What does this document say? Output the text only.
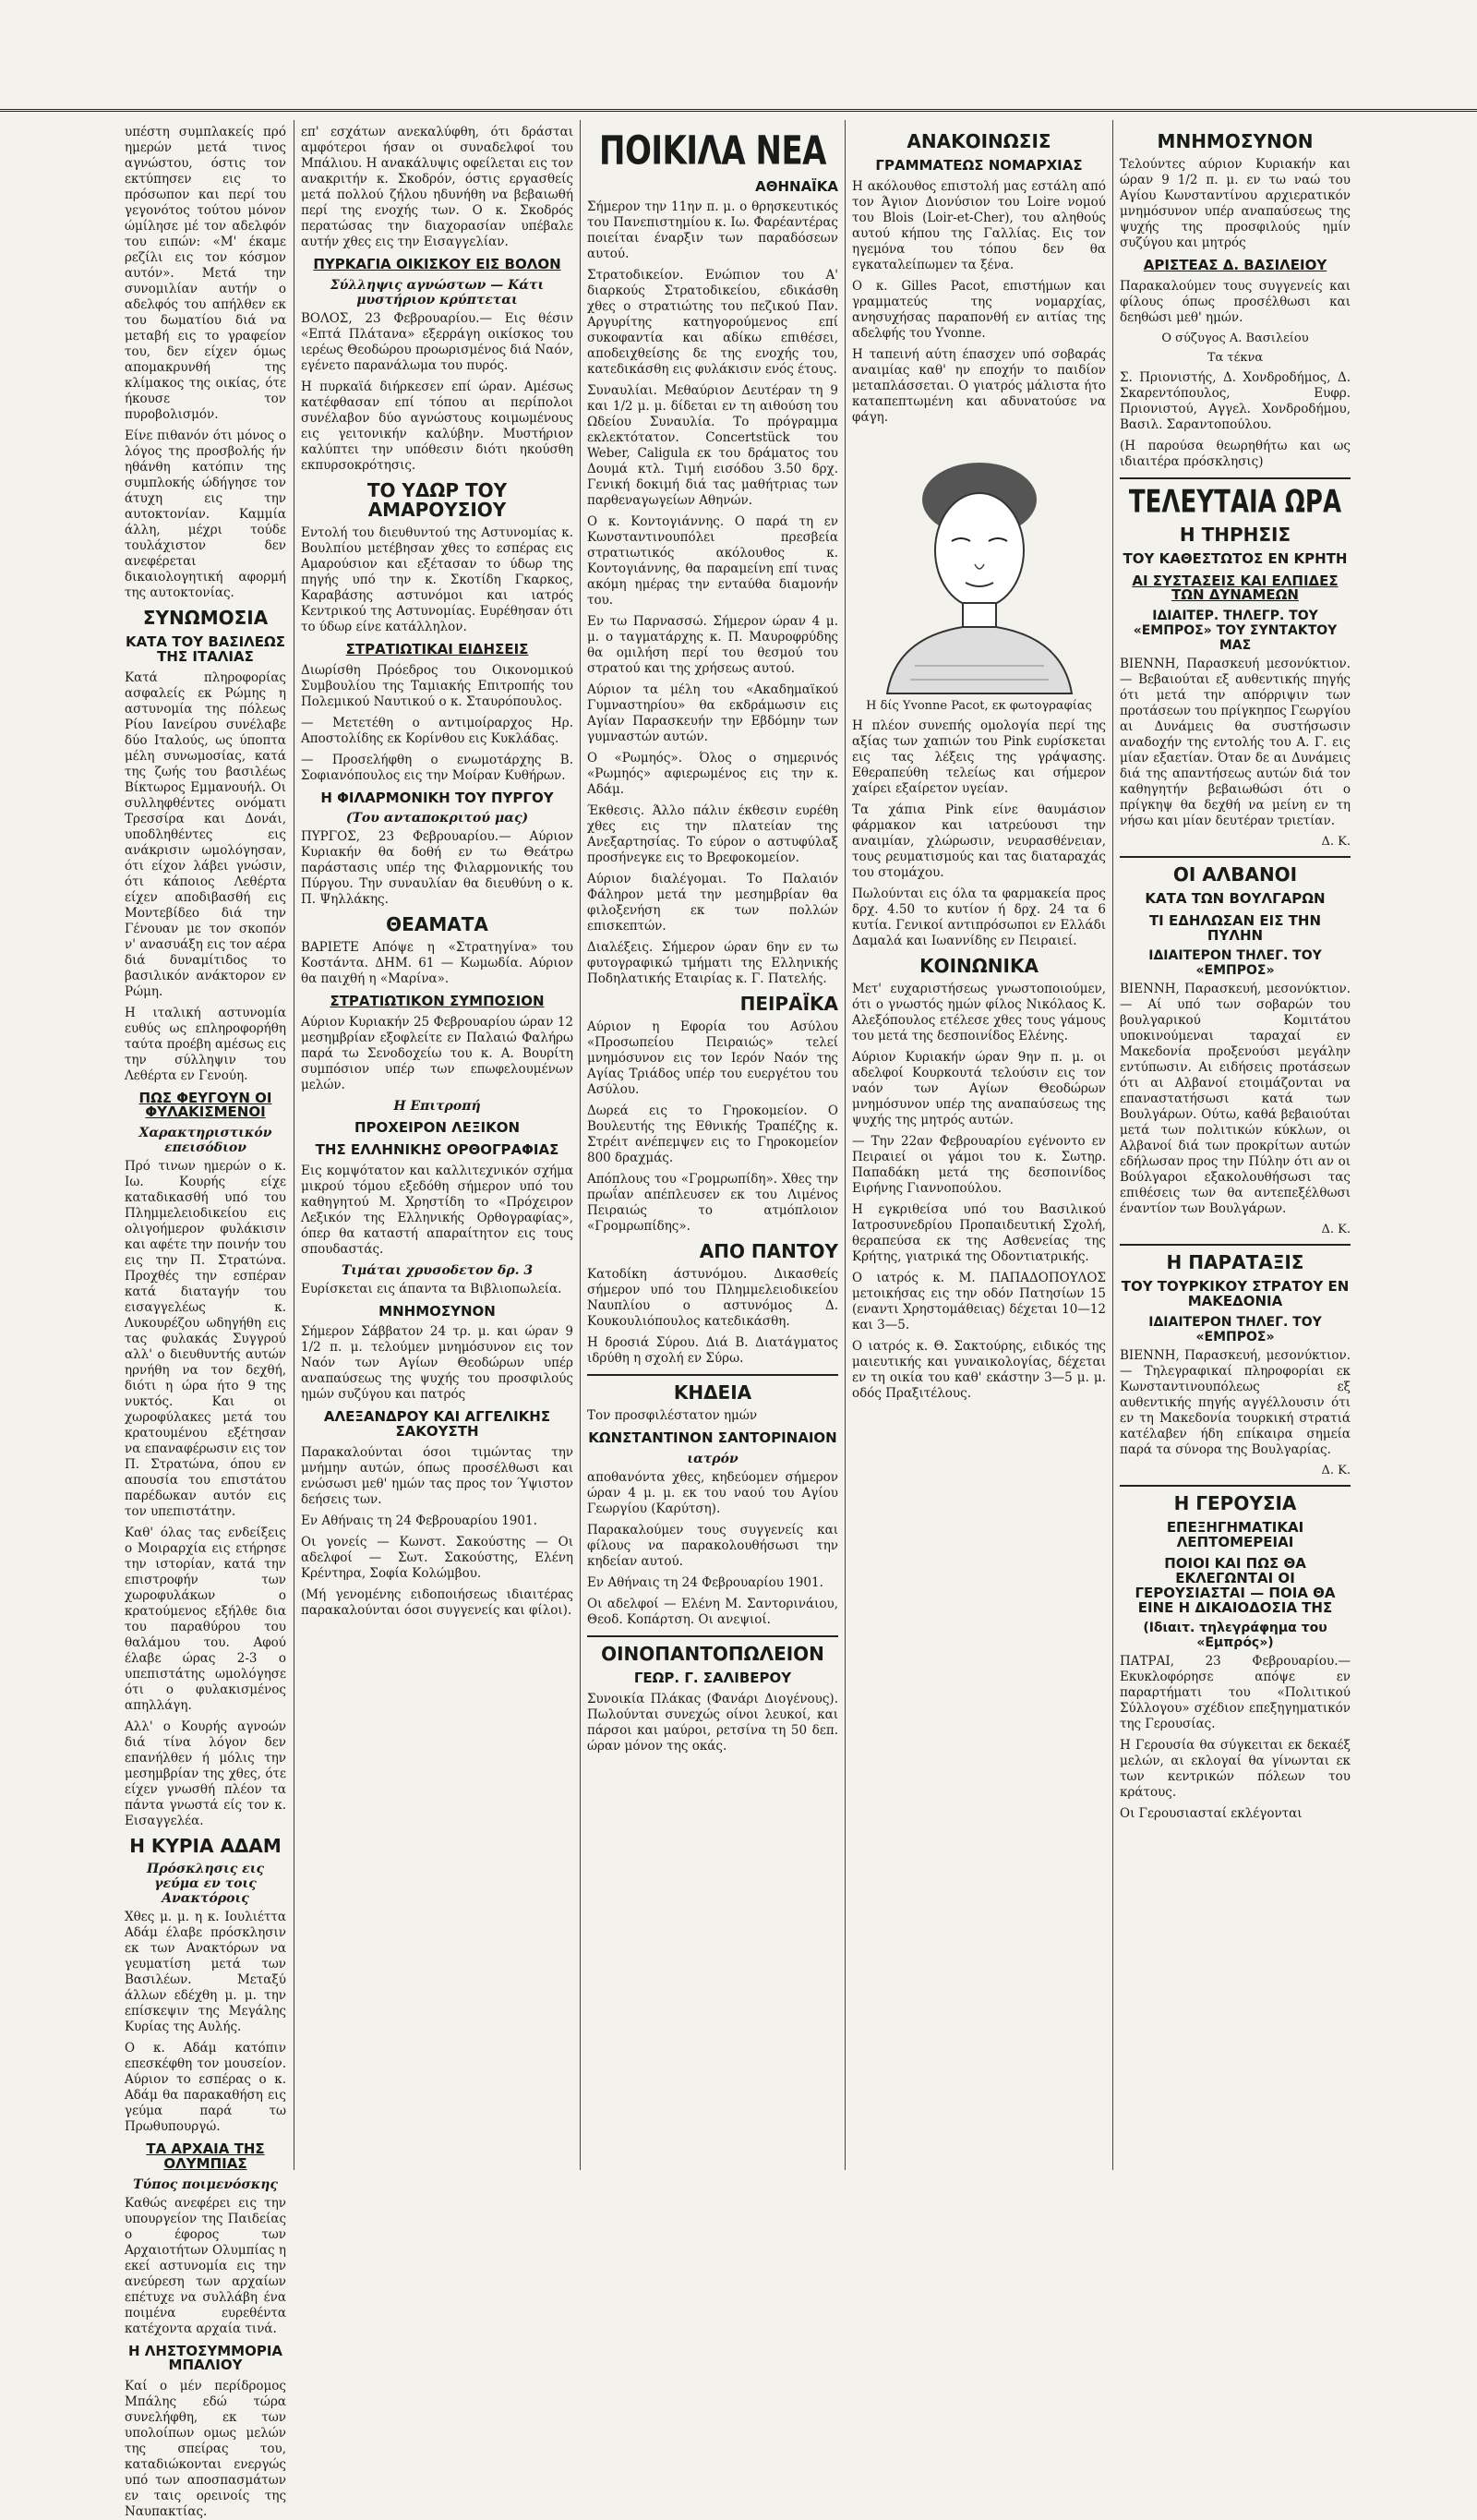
υπέστη συμπλακείς πρό ημερών μετά τινος αγνώστου, όστις τον εκτύπησεν εις το πρόσωπον και περί του γεγονότος τούτου μόνον ώμίλησε μέ τον αδελφόν του ειπών: «Μ' έκαμε ρεζίλι εις τον κόσμον αυτόν». Μετά την συνομιλίαν αυτήν ο αδελφός του απήλθεν εκ του δωματίου διά να μεταβή εις το γραφείον του, δεν είχεν όμως απομακρυνθή της κλίμακος της οικίας, ότε ήκουσε τον πυροβολισμόν.

Είνε πιθανόν ότι μόνος ο λόγος της προσβολής ήν ηθάνθη κατόπιν της συμπλοκής ώδήγησε τον άτυχη εις την αυτοκτονίαν. Καμμία άλλη, μέχρι τούδε τουλάχιστον δεν ανεφέρεται δικαιολογητική αφορμή της αυτοκτονίας.

ΣΥΝΩΜΟΣΙΑ
ΚΑΤΑ ΤΟΥ ΒΑΣΙΛΕΩΣ ΤΗΣ ΙΤΑΛΙΑΣ

Κατά πληροφορίας ασφαλείς εκ Ρώμης η αστυνομία της πόλεως Ρίου Ιανείρου συνέλαβε δύο Ιταλούς, ως ύποπτα μέλη συνωμοσίας, κατά της ζωής του βασιλέως Βίκτωρος Εμμανουήλ. Οι συλληφθέντες ονόματι Τρεσσίρα και Δονάι, υποδληθέντες εις ανάκρισιν ωμολόγησαν, ότι είχον λάβει γνώσιν, ότι κάποιος Λεθέρτα είχεν αποδιβασθή εις Μοντεβίδεο διά την Γένουαν με τον σκοπόν ν' ανασυάξη εις τον αέρα διά δυναμίτιδος το βασιλικόν ανάκτορον εν Ρώμη.

Η ιταλική αστυνομία ευθύς ως επληροφορήθη ταύτα προέβη αμέσως εις την σύλληψιν του Λεθέρτα εν Γενούη.

ΠΩΣ ΦΕΥΓΟΥΝ ΟΙ ΦΥΛΑΚΙΣΜΕΝΟΙ
Χαρακτηριστικόν επεισόδιον

Πρό τινων ημερών ο κ. Ιω. Κουρής είχε καταδικασθή υπό του Πλημμελειοδικείου εις ολιγοήμερον φυλάκισιν και αφέτε την ποινήν του εις την Π. Στρατώνα. Προχθές την εσπέραν κατά διαταγήν του εισαγγελέως κ. Λυκουρέζου ωδηγήθη εις τας φυλακάς Συγγρού αλλ' ο διευθυντής αυτών ηρνήθη να τον δεχθή, διότι η ώρα ήτο 9 της νυκτός. Και οι χωροφύλακες μετά του κρατουμένου εξέτησαν να επαναφέρωσιν εις τον Π. Στρατώνα, όπου εν απουσία του επιστάτου παρέδωκαν αυτόν εις τον υπεπιστάτην.

Καθ' όλας τας ενδείξεις ο Μοιραρχία εις ετήρησε την ιστορίαν, κατά την επιστροφήν των χωροφυλάκων ο κρατούμενος εξήλθε δια του παραθύρου του θαλάμου του. Αφού έλαβε ώρας 2-3 ο υπεπιστάτης ωμολόγησε ότι ο φυλακισμένος απηλλάγη.

Αλλ' ο Κουρής αγνοών διά τίνα λόγον δεν επανήλθεν ή μόλις την μεσημβρίαν της χθες, ότε είχεν γνωσθή πλέον τα πάντα γνωστά είς τον κ. Εισαγγελέα.

Η ΚΥΡΙΑ ΑΔΑΜ
Πρόσκλησις εις γεύμα εν τοις Ανακτόροις

Χθες μ. μ. η κ. Ιουλιέττα Αδάμ έλαβε πρόσκλησιν εκ των Ανακτόρων να γευματίση μετά των Βασιλέων. Μεταξύ άλλων εδέχθη μ. μ. την επίσκεψιν της Μεγάλης Κυρίας της Αυλής.

Ο κ. Αδάμ κατόπιν επεσκέφθη τον μουσείον. Αύριον το εσπέρας ο κ. Αδάμ θα παρακαθήση εις γεύμα παρά τω Πρωθυπουργώ.

ΤΑ ΑΡΧΑΙΑ ΤΗΣ ΟΛΥΜΠΙΑΣ
Τύπος ποιμενόσκης

Καθώς ανεφέρει εις την υπουργείον της Παιδείας ο έφορος των Αρχαιοτήτων Ολυμπίας η εκεί αστυνομία εις την ανεύρεση των αρχαίων επέτυχε να συλλάβη ένα ποιμένα ευρεθέντα κατέχοντα αρχαία τινά.

Η ΛΗΣΤΟΣΥΜΜΟΡΙΑ ΜΠΑΛΙΟΥ

Καί ο μέν περίδρομος Μπάλης εδώ τώρα συνελήφθη, εκ των υπολοίπων ομως μελών της σπείρας του, καταδιώκονται ενεργώς υπό των αποσπασμάτων εν ταις ορεινοίς της Ναυπακτίας.

επ' εσχάτων ανεκαλύφθη, ότι δράσται αμφότεροι ήσαν οι συναδελφοί του Μπάλιου. Η ανακάλυψις οφείλεται εις τον ανακριτήν κ. Σκοδρόν, όστις εργασθείς μετά πολλού ζήλου ηδυνήθη να βεβαιωθή περί της ενοχής των. Ο κ. Σκοδρός περατώσας την διαχορασίαν υπέβαλε αυτήν χθες εις την Εισαγγελίαν.

ΠΥΡΚΑΓΙΑ ΟΙΚΙΣΚΟΥ ΕΙΣ ΒΟΛΟΝ
Σύλληψις αγνώστων — Κάτι μυστήριον κρύπτεται

ΒΟΛΟΣ, 23 Φεβρουαρίου.— Εις θέσιν «Επτά Πλάτανα» εξερράγη οικίσκος του ιερέως Θεοδώρου προωρισμένος διά Ναόν, εγένετο παρανάλωμα του πυρός.

Η πυρκαϊά διήρκεσεν επί ώραν. Αμέσως κατέφθασαν επί τόπου αι περίπολοι συνέλαβον δύο αγνώστους κοιμωμένους εις γειτονικήν καλύβην. Μυστήριον καλύπτει την υπόθεσιν διότι ηκούσθη εκπυρσοκρότησις.

ΤΟ ΥΔΩΡ ΤΟΥ ΑΜΑΡΟΥΣΙΟΥ

Εντολή του διευθυντού της Αστυνομίας κ. Βουλπίου μετέβησαν χθες το εσπέρας εις Αμαρούσιον και εξέτασαν το ύδωρ της πηγής υπό την κ. Σκοτίδη Γκαρκος, Καραβάσης αστυνόμοι και ιατρός Κεντρικού της Αστυνομίας. Ευρέθησαν ότι το ύδωρ είνε κατάλληλον.

ΣΤΡΑΤΙΩΤΙΚΑΙ ΕΙΔΗΣΕΙΣ

Διωρίσθη Πρόεδρος του Οικονομικού Συμβουλίου της Ταμιακής Επιτροπής του Πολεμικού Ναυτικού ο κ. Σταυρόπουλος.

— Μετετέθη ο αντιμοίραρχος Ηρ. Αποστολίδης εκ Κορίνθου εις Κυκλάδας.

— Προσελήφθη ο ενωμοτάρχης Β. Σοφιανόπουλος εις την Μοίραν Κυθήρων.

Η ΦΙΛΑΡΜΟΝΙΚΗ ΤΟΥ ΠΥΡΓΟΥ
(Του ανταποκριτού μας)

ΠΥΡΓΟΣ, 23 Φεβρουαρίου.— Αύριον Κυριακήν θα δοθή εν τω Θεάτρω παράστασις υπέρ της Φιλαρμονικής του Πύργου. Την συναυλίαν θα διευθύνη ο κ. Π. Ψηλλάκης.

ΘΕΑΜΑΤΑ

ΒΑΡΙΕΤΕ Απόψε η «Στρατηγίνα» του Κοστάντα. ΔΗΜ. 61 — Κωμωδία. Αύριον θα παιχθή η «Μαρίνα».

ΣΤΡΑΤΙΩΤΙΚΟΝ ΣΥΜΠΟΣΙΟΝ

Αύριον Κυριακήν 25 Φεβρουαρίου ώραν 12 μεσημβρίαν εξοφλείτε εν Παλαιώ Φαλήρω παρά τω Σενοδοχείω του κ. Α. Βουρίτη συμπόσιον υπέρ των επωφελουμένων μελών.

Η Επιτροπή
ΠΡΟΧΕΙΡΟΝ ΛΕΞΙΚΟΝ
ΤΗΣ ΕΛΛΗΝΙΚΗΣ ΟΡΘΟΓΡΑΦΙΑΣ

Εις κομψότατον και καλλιτεχνικόν σχήμα μικρού τόμου εξεδόθη σήμερον υπό του καθηγητού Μ. Χρηστίδη το «Πρόχειρον Λεξικόν της Ελληνικής Ορθογραφίας», όπερ θα καταστή απαραίτητον εις τους σπουδαστάς.

Τιμάται χρυσοδετον δρ. 3

Ευρίσκεται εις άπαντα τα Βιβλιοπωλεία.

ΜΝΗΜΟΣΥΝΟΝ

Σήμερον Σάββατον 24 τρ. μ. και ώραν 9 1/2 π. μ. τελούμεν μνημόσυνον εις τον Ναόν των Αγίων Θεοδώρων υπέρ αναπαύσεως της ψυχής του προσφιλούς ημών συζύγου και πατρός

ΑΛΕΞΑΝΔΡΟΥ ΚΑΙ ΑΓΓΕΛΙΚΗΣ ΣΑΚΟΥΣΤΗ

Παρακαλούνται όσοι τιμώντας την μνήμην αυτών, όπως προσέλθωσι και ενώσωσι μεθ' ημών τας προς τον Ύψιστον δεήσεις των.

Εν Αθήναις τη 24 Φεβρουαρίου 1901.

Οι γονείς — Κωνστ. Σακούστης — Οι αδελφοί — Σωτ. Σακούστης, Ελένη Κρέντηρα, Σοφία Κολώμβου.

(Μή γενομένης ειδοποιήσεως ιδιαιτέρας παρακαλούνται όσοι συγγενείς και φίλοι).

ΠΟΙΚΙΛΑ ΝΕΑ
ΑΘΗΝΑΪΚΑ

Σήμερον την 11ην π. μ. ο θρησκευτικός του Πανεπιστημίου κ. Ιω. Φαρέαντέρας ποιείται έναρξιν των παραδόσεων αυτού.

Στρατοδικείον. Ενώπιον του Α' διαρκούς Στρατοδικείου, εδικάσθη χθες ο στρατιώτης του πεζικού Παν. Αργυρίτης κατηγορούμενος επί συκοφαντία και αδίκω επιθέσει, αποδειχθείσης δε της ενοχής του, κατεδικάσθη εις φυλάκισιν ενός έτους.

Συναυλίαι. Μεθαύριον Δευτέραν τη 9 και 1/2 μ. μ. δίδεται εν τη αιθούση του Ωδείου Συναυλία. Το πρόγραμμα εκλεκτότατον. Concertstück του Weber, Caligula εκ του δράματος του Δουμά κτλ. Τιμή εισόδου 3.50 δρχ. Γενική δοκιμή διά τας μαθήτριας των παρθεναγωγείων Αθηνών.

Ο κ. Κοντογιάννης. Ο παρά τη εν Κωνσταντινουπόλει πρεσβεία στρατιωτικός ακόλουθος κ. Κοντογιάννης, θα παραμείνη επί τινας ακόμη ημέρας την ενταύθα διαμονήν του.

Εν τω Παρνασσώ. Σήμερον ώραν 4 μ. μ. ο ταγματάρχης κ. Π. Μαυροφρύδης θα ομιλήση περί του θεσμού του στρατού και της χρήσεως αυτού.

Αύριον τα μέλη του «Ακαδημαϊκού Γυμναστηρίου» θα εκδράμωσιν εις Αγίαν Παρασκευήν την Εβδόμην των γυμναστών αυτών.

Ο «Ρωμηός». Όλος ο σημερινός «Ρωμηός» αφιερωμένος εις την κ. Αδάμ.

Έκθεσις. Άλλο πάλιν έκθεσιν ευρέθη χθες εις την πλατείαν της Ανεξαρτησίας. Το εύρον ο αστυφύλαξ προσήνεγκε εις το Βρεφοκομείον.

Αύριον διαλέγομαι. Το Παλαιόν Φάληρον μετά την μεσημβρίαν θα φιλοξενήση εκ των πολλών επισκεπτών.

Διαλέξεις. Σήμερον ώραν 6ην εν τω φυτογραφικώ τμήματι της Ελληνικής Ποδηλατικής Εταιρίας κ. Γ. Πατελής.

ΠΕΙΡΑΪΚΑ

Αύριον η Εφορία του Ασύλου «Προσωπείου Πειραιώς» τελεί μνημόσυνον εις τον Ιερόν Ναόν της Αγίας Τριάδος υπέρ του ευεργέτου του Ασύλου.

Δωρεά εις το Γηροκομείον. Ο Βουλευτής της Εθνικής Τραπέζης κ. Στρέιτ ανέπεμψεν εις το Γηροκομείον 800 δραχμάς.

Απόπλους του «Γρομρωπίδη». Χθες την πρωΐαν απέπλευσεν εκ του Λιμένος Πειραιώς το ατμόπλοιον «Γρομρωπίδης».

ΑΠΟ ΠΑΝΤΟΥ

Κατοδίκη άστυνόμου. Δικασθείς σήμερον υπό του Πλημμελειοδικείου Ναυπλίου ο αστυνόμος Δ. Κουκουλιόπουλος κατεδικάσθη.

Η δροσιά Σύρου. Διά Β. Διατάγματος ιδρύθη η σχολή εν Σύρω.

ΚΗΔΕΙΑ

Τον προσφιλέστατον ημών

ΚΩΝΣΤΑΝΤΙΝΟΝ ΣΑΝΤΟΡΙΝΑΙΟΝ
ιατρόν

αποθανόντα χθες, κηδεύομεν σήμερον ώραν 4 μ. μ. εκ του ναού του Αγίου Γεωργίου (Καρύτση).

Παρακαλούμεν τους συγγενείς και φίλους να παρακολουθήσωσι την κηδείαν αυτού.

Εν Αθήναις τη 24 Φεβρουαρίου 1901.

Οι αδελφοί — Ελένη Μ. Σαντορινάιου, Θεοδ. Κοπάρτση. Οι ανεψιοί.

ΟΙΝΟΠΑΝΤΟΠΩΛΕΙΟΝ
ΓΕΩΡ. Γ. ΣΑΛΙΒΕΡΟΥ

Συνοικία Πλάκας (Φανάρι Διογένους). Πωλούνται συνεχώς οίνοι λευκοί, και πάρσοι και μαύροι, ρετσίνα τη 50 δεπ. ώραν μόνον της οκάς.

ΑΝΑΚΟΙΝΩΣΙΣ
ΓΡΑΜΜΑΤΕΩΣ ΝΟΜΑΡΧΙΑΣ

Η ακόλουθος επιστολή μας εστάλη από τον Άγιον Διονύσιον του Loire νομού του Blois (Loir-et-Cher), του αληθούς αυτού κήπου της Γαλλίας. Εις τον ηγεμόνα του τόπου δεν θα εγκαταλείπωμεν τα ξένα.

Ο κ. Gilles Pacot, επιστήμων και γραμματεύς της νομαρχίας, ανησυχήσας παραπονθή εν αιτίας της αδελφής του Yvonne.

Η ταπεινή αύτη έπασχεν υπό σοβαράς αναιμίας καθ' ην εποχήν το παιδίον μεταπλάσσεται. Ο γιατρός μάλιστα ήτο καταπεπτωμένη και αδυνατούσε να φάγη.

Η δίς Yvonne Pacot, εκ φωτογραφίας

Η πλέον συνεπής ομολογία περί της αξίας των χαπιών του Pink ευρίσκεται εις τας λέξεις της γράψασης. Εθεραπεύθη τελείως και σήμερον χαίρει εξαίρετον υγείαν.

Τα χάπια Pink είνε θαυμάσιον φάρμακον και ιατρεύουσι την αναιμίαν, χλώρωσιν, νευρασθένειαν, τους ρευματισμούς και τας διαταραχάς του στομάχου.

Πωλούνται εις όλα τα φαρμακεία προς δρχ. 4.50 το κυτίον ή δρχ. 24 τα 6 κυτία. Γενικοί αντιπρόσωποι εν Ελλάδι Δαμαλά και Ιωαννίδης εν Πειραιεί.

ΚΟΙΝΩΝΙΚΑ

Μετ' ευχαριστήσεως γνωστοποιούμεν, ότι ο γνωστός ημών φίλος Νικόλαος Κ. Αλεξόπουλος ετέλεσε χθες τους γάμους του μετά της δεσποινίδος Ελένης.

Αύριον Κυριακήν ώραν 9ην π. μ. οι αδελφοί Κουρκουτά τελούσιν εις τον ναόν των Αγίων Θεοδώρων μνημόσυνον υπέρ της αναπαύσεως της ψυχής της μητρός αυτών.

— Την 22αν Φεβρουαρίου εγένοντο εν Πειραιεί οι γάμοι του κ. Σωτηρ. Παπαδάκη μετά της δεσποινίδος Ειρήνης Γιαννοπούλου.

Η εγκριθείσα υπό του Βασιλικού Ιατροσυνεδρίου Προπαιδευτική Σχολή, θεραπεύσα εκ της Ασθενείας της Κρήτης, γιατρικά της Οδοντιατρικής.

Ο ιατρός κ. Μ. ΠΑΠΑΔΟΠΟΥΛΟΣ μετοικήσας εις την οδόν Πατησίων 15 (εναντι Χρηστομάθειας) δέχεται 10—12 και 3—5.

Ο ιατρός κ. Θ. Σακτούρης, ειδικός της μαιευτικής και γυναικολογίας, δέχεται εν τη οικία του καθ' εκάστην 3—5 μ. μ. οδός Πραξιτέλους.

ΜΝΗΜΟΣΥΝΟΝ

Τελούντες αύριον Κυριακήν και ώραν 9 1/2 π. μ. εν τω ναώ του Αγίου Κωνσταντίνου αρχιερατικόν μνημόσυνον υπέρ αναπαύσεως της ψυχής της προσφιλούς ημίν συζύγου και μητρός

ΑΡΙΣΤΕΑΣ Δ. ΒΑΣΙΛΕΙΟΥ

Παρακαλούμεν τους συγγενείς και φίλους όπως προσέλθωσι και δεηθώσι μεθ' ημών.

Ο σύζυγος Α. Βασιλείου
Τα τέκνα

Σ. Πριονιστής, Δ. Χονδροδήμος, Δ. Σκαρεντόπουλος, Ευφρ. Πριονιστού, Αγγελ. Χονδροδήμου, Βασιλ. Σαραντοπούλου.

(Η παρούσα θεωρηθήτω και ως ιδιαιτέρα πρόσκλησις)

ΤΕΛΕΥΤΑΙΑ ΩΡΑ
Η ΤΗΡΗΣΙΣ
ΤΟΥ ΚΑΘΕΣΤΩΤΟΣ ΕΝ ΚΡΗΤΗ
ΑΙ ΣΥΣΤΑΣΕΙΣ ΚΑΙ ΕΛΠΙΔΕΣ ΤΩΝ ΔΥΝΑΜΕΩΝ
ΙΔΙΑΙΤΕΡ. ΤΗΛΕΓΡ. ΤΟΥ «ΕΜΠΡΟΣ» ΤΟΥ ΣΥΝΤΑΚΤΟΥ ΜΑΣ

ΒΙΕΝΝΗ, Παρασκευή μεσονύκτιον.— Βεβαιούται εξ αυθεντικής πηγής ότι μετά την απόρριψιν των προτάσεων του πρίγκηπος Γεωργίου αι Δυνάμεις θα συστήσωσιν αναδοχήν της εντολής του Α. Γ. εις μίαν εξαετίαν. Όταν δε αι Δυνάμεις διά της απαντήσεως αυτών διά τον καθηγητήν βεβαιωθώσι ότι ο πρίγκηψ θα δεχθή να μείνη εν τη νήσω και μίαν δευτέραν τριετίαν.

Δ. Κ.
ΟΙ ΑΛΒΑΝΟΙ
ΚΑΤΑ ΤΩΝ ΒΟΥΛΓΑΡΩΝ
ΤΙ ΕΔΗΛΩΣΑΝ ΕΙΣ ΤΗΝ ΠΥΛΗΝ
ΙΔΙΑΙΤΕΡΟΝ ΤΗΛΕΓ. ΤΟΥ «ΕΜΠΡΟΣ»

ΒΙΕΝΝΗ, Παρασκευή, μεσονύκτιον.— Αί υπό των σοβαρών του βουλγαρικού Κομιτάτου υποκινούμεναι ταραχαί εν Μακεδονία προξενούσι μεγάλην εντύπωσιν. Αι ειδήσεις προτάσεων ότι αι Αλβανοί ετοιμάζονται να επαναστατήσωσι κατά των Βουλγάρων. Ούτω, καθά βεβαιούται μετά των πολιτικών κύκλων, οι Αλβανοί διά των προκρίτων αυτών εδήλωσαν προς την Πύλην ότι αν οι Βούλγαροι εξακολουθήσωσι τας επιθέσεις των θα αντεπεξέλθωσι έναντίον των Βουλγάρων.

Δ. Κ.
Η ΠΑΡΑΤΑΞΙΣ
ΤΟΥ ΤΟΥΡΚΙΚΟΥ ΣΤΡΑΤΟΥ ΕΝ ΜΑΚΕΔΟΝΙΑ
ΙΔΙΑΙΤΕΡΟΝ ΤΗΛΕΓ. ΤΟΥ «ΕΜΠΡΟΣ»

ΒΙΕΝΝΗ, Παρασκευή, μεσονύκτιον.— Τηλεγραφικαί πληροφορίαι εκ Κωνσταντινουπόλεως εξ αυθεντικής πηγής αγγέλλουσιν ότι εν τη Μακεδονία τουρκική στρατιά κατέλαβεν ήδη επίκαιρα σημεία παρά τα σύνορα της Βουλγαρίας.

Δ. Κ.
Η ΓΕΡΟΥΣΙΑ
ΕΠΕΞΗΓΗΜΑΤΙΚΑΙ ΛΕΠΤΟΜΕΡΕΙΑΙ
ΠΟΙΟΙ ΚΑΙ ΠΩΣ ΘΑ ΕΚΛΕΓΩΝΤΑΙ ΟΙ ΓΕΡΟΥΣΙΑΣΤΑΙ — ΠΟΙΑ ΘΑ ΕΙΝΕ Η ΔΙΚΑΙΟΔΟΣΙΑ ΤΗΣ
(Ιδιαιτ. τηλεγράφημα του «Εμπρός»)

ΠΑΤΡΑΙ, 23 Φεβρουαρίου.— Εκυκλοφόρησε απόψε εν παραρτήματι του «Πολιτικού Σύλλογου» σχέδιον επεξηγηματικόν της Γερουσίας.

Η Γερουσία θα σύγκειται εκ δεκαέξ μελών, αι εκλογαί θα γίνωνται εκ των κεντρικών πόλεων του κράτους.

Οι Γερουσιασταί εκλέγονται
